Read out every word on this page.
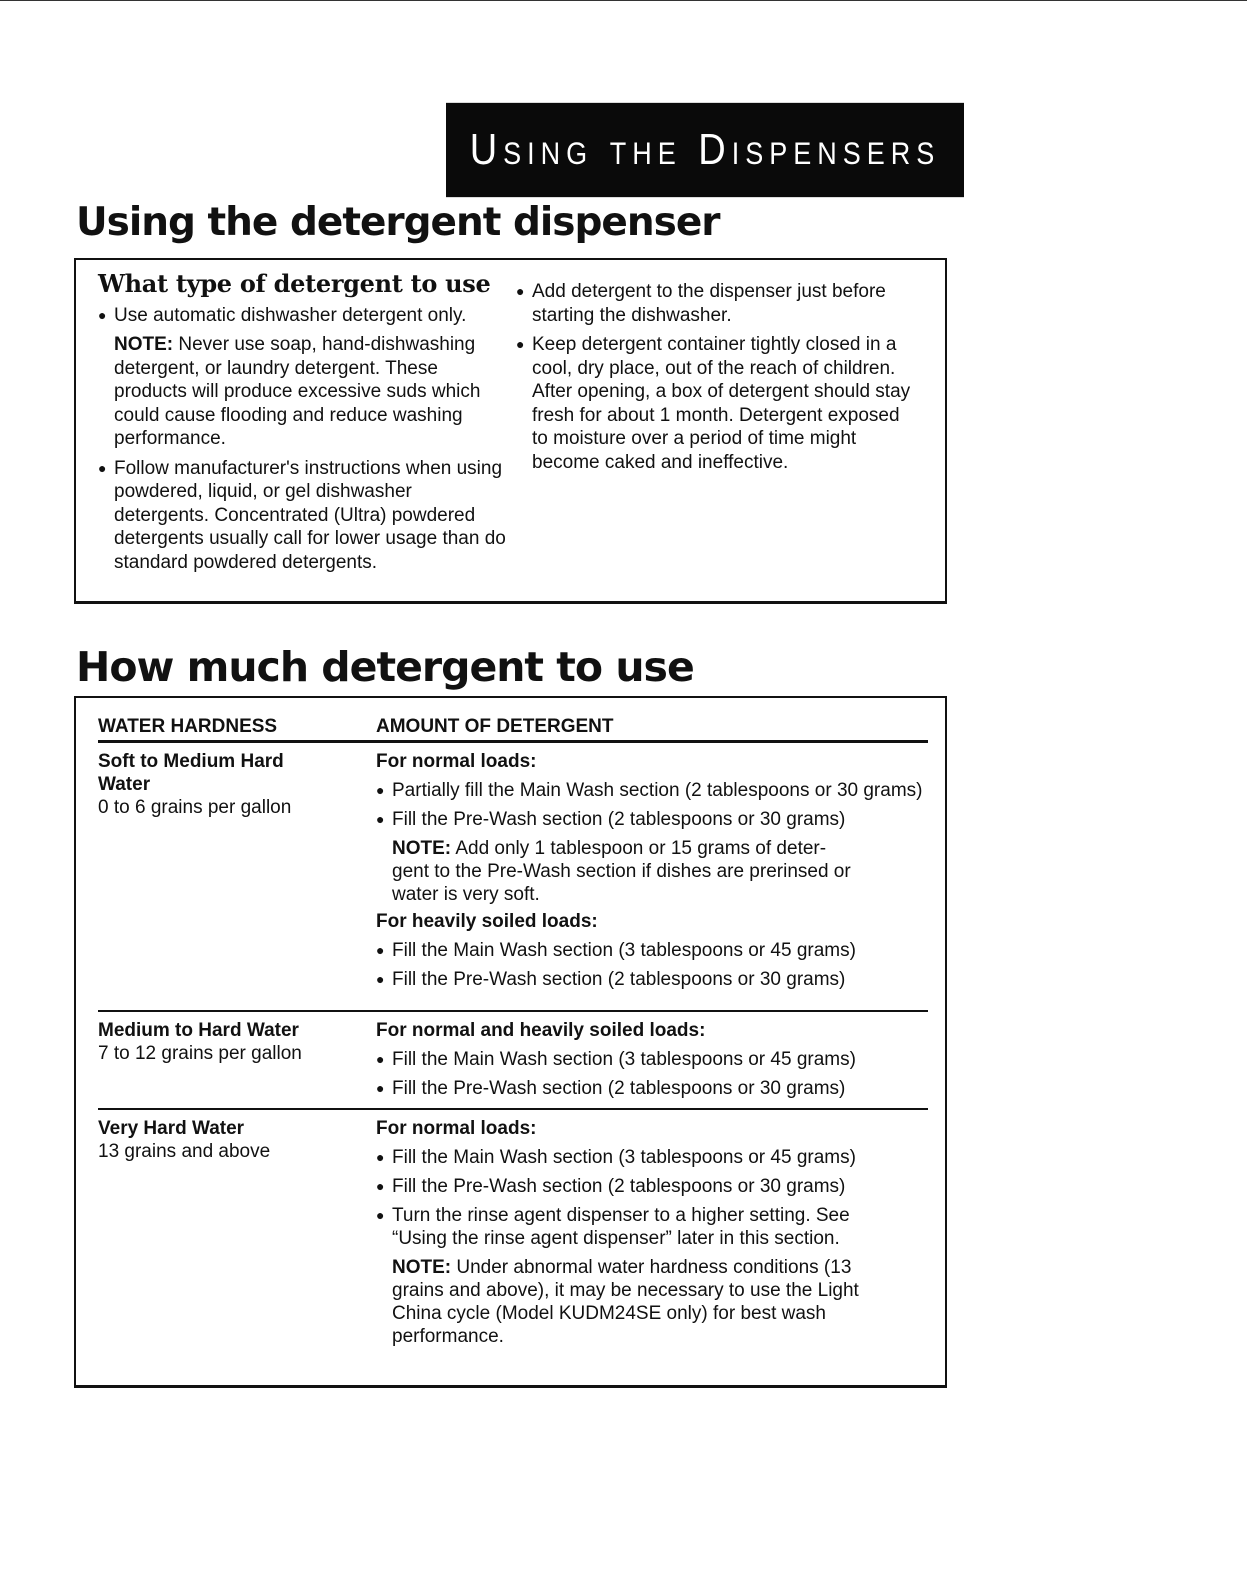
Using the Dispensers
Using the detergent dispenser
What type of detergent to use
● Use automatic dishwasher detergent only.

NOTE: Never use soap, hand-dishwashing detergent, or laundry detergent. These products will produce excessive suds which could cause flooding and reduce washing performance.

● Follow manufacturer's instructions when using powdered, liquid, or gel dishwasher detergents. Concentrated (Ultra) powdered detergents usually call for lower usage than do standard powdered detergents.
● Add detergent to the dispenser just before starting the dishwasher.
● Keep detergent container tightly closed in a cool, dry place, out of the reach of children. After opening, a box of detergent should stay fresh for about 1 month. Detergent exposed to moisture over a period of time might become caked and ineffective.
How much detergent to use
WATER HARDNESS	AMOUNT OF DETERGENT
Soft to Medium Hard Water
0 to 6 grains per gallon
For normal loads:
● Partially fill the Main Wash section (2 tablespoons or 30 grams)
● Fill the Pre-Wash section (2 tablespoons or 30 grams)

NOTE: Add only 1 tablespoon or 15 grams of deter-gent to the Pre-Wash section if dishes are prerinsed or water is very soft.

For heavily soiled loads:
● Fill the Main Wash section (3 tablespoons or 45 grams)
● Fill the Pre-Wash section (2 tablespoons or 30 grams)
Medium to Hard Water
7 to 12 grains per gallon
For normal and heavily soiled loads:
● Fill the Main Wash section (3 tablespoons or 45 grams)
● Fill the Pre-Wash section (2 tablespoons or 30 grams)
Very Hard Water
13 grains and above
For normal loads:
● Fill the Main Wash section (3 tablespoons or 45 grams)
● Fill the Pre-Wash section (2 tablespoons or 30 grams)
● Turn the rinse agent dispenser to a higher setting. See “Using the rinse agent dispenser” later in this section.

NOTE: Under abnormal water hardness conditions (13 grains and above), it may be necessary to use the Light China cycle (Model KUDM24SE only) for best wash performance.
